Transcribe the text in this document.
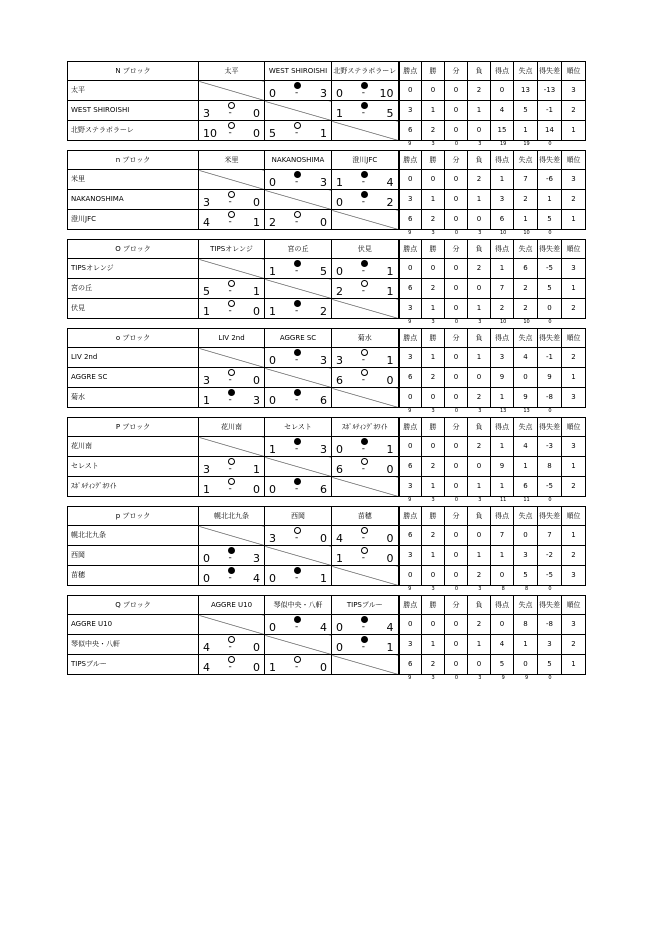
N ブロック	太平	WEST SHIROISHI	北野ステラボラーレ	勝点	勝	分	負	得点	失点	得失差	順位
太平		0 - 3	0 - 10	0	0	0	2	0	13	-13	3
WEST SHIROISHI	3 - 0		1 - 5	3	1	0	1	4	5	-1	2
北野ステラボラーレ	10 - 0	5 - 1		6	2	0	0	15	1	14	1
9	3	0	3	19	19	0
n ブロック	米里	NAKANOSHIMA	澄川JFC	勝点	勝	分	負	得点	失点	得失差	順位
米里		0 - 3	1 - 4	0	0	0	2	1	7	-6	3
NAKANOSHIMA	3 - 0		0 - 2	3	1	0	1	3	2	1	2
澄川JFC	4 - 1	2 - 0		6	2	0	0	6	1	5	1
9	3	0	3	10	10	0
O ブロック	TIPSオレンジ	宮の丘	伏見	勝点	勝	分	負	得点	失点	得失差	順位
TIPSオレンジ		1 - 5	0 - 1	0	0	0	2	1	6	-5	3
宮の丘	5 - 1		2 - 1	6	2	0	0	7	2	5	1
伏見	1 - 0	1 - 2		3	1	0	1	2	2	0	2
9	3	0	3	10	10	0
o ブロック	LIV 2nd	AGGRE SC	菊水	勝点	勝	分	負	得点	失点	得失差	順位
LIV 2nd		0 - 3	3 - 1	3	1	0	1	3	4	-1	2
AGGRE SC	3 - 0		6 - 0	6	2	0	0	9	0	9	1
菊水	1 - 3	0 - 6		0	0	0	2	1	9	-8	3
9	3	0	3	13	13	0
P ブロック	花川南	セレスト	ｽﾎﾟﾙﾃｨﾝｸﾞﾎﾜｲﾄ	勝点	勝	分	負	得点	失点	得失差	順位
花川南		1 - 3	0 - 1	0	0	0	2	1	4	-3	3
セレスト	3 - 1		6 - 0	6	2	0	0	9	1	8	1
ｽﾎﾟﾙﾃｨﾝｸﾞﾎﾜｲﾄ	1 - 0	0 - 6		3	1	0	1	1	6	-5	2
9	3	0	3	11	11	0
p ブロック	幌北北九条	西岡	苗穂	勝点	勝	分	負	得点	失点	得失差	順位
幌北北九条		3 - 0	4 - 0	6	2	0	0	7	0	7	1
西岡	0 - 3		1 - 0	3	1	0	1	1	3	-2	2
苗穂	0 - 4	0 - 1		0	0	0	2	0	5	-5	3
9	3	0	3	8	8	0
Q ブロック	AGGRE U10	琴似中央・八軒	TIPSブルー	勝点	勝	分	負	得点	失点	得失差	順位
AGGRE U10		0 - 4	0 - 4	0	0	0	2	0	8	-8	3
琴似中央・八軒	4 - 0		0 - 1	3	1	0	1	4	1	3	2
TIPSブルー	4 - 0	1 - 0		6	2	0	0	5	0	5	1
9	3	0	3	9	9	0
